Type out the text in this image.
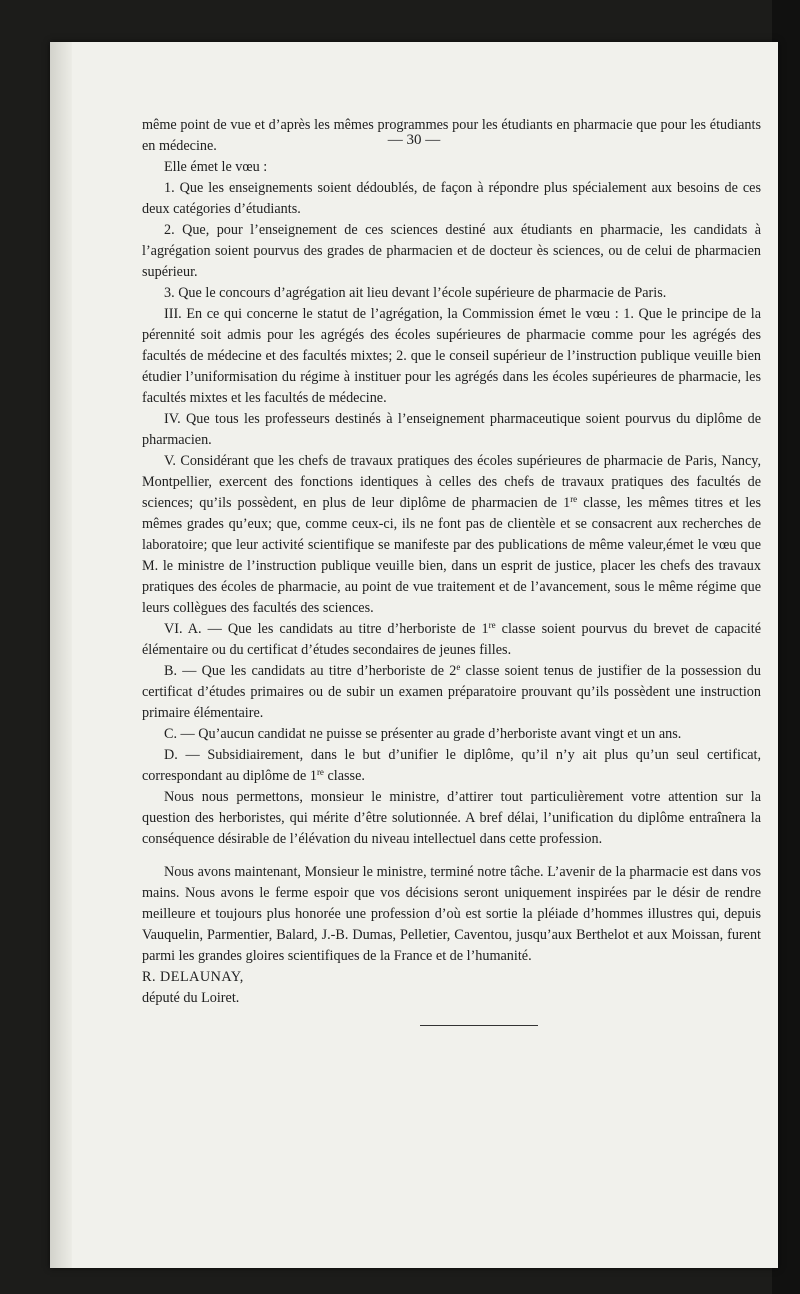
— 30 —

même point de vue et d’après les mêmes programmes pour les étudiants en pharmacie que pour les étudiants en médecine.

Elle émet le vœu :

1. Que les enseignements soient dédoublés, de façon à répondre plus spécialement aux besoins de ces deux catégories d’étudiants.

2. Que, pour l’enseignement de ces sciences destiné aux étudiants en pharmacie, les candidats à l’agrégation soient pourvus des grades de pharmacien et de docteur ès sciences, ou de celui de pharmacien supérieur.

3. Que le concours d’agrégation ait lieu devant l’école supérieure de pharmacie de Paris.

III. En ce qui concerne le statut de l’agrégation, la Commission émet le vœu : 1. Que le principe de la pérennité soit admis pour les agrégés des écoles supérieures de pharmacie comme pour les agrégés des facultés de médecine et des facultés mixtes; 2. que le conseil supérieur de l’instruction publique veuille bien étudier l’uniformisation du régime à instituer pour les agrégés dans les écoles supérieures de pharmacie, les facultés mixtes et les facultés de médecine.

IV. Que tous les professeurs destinés à l’enseignement pharmaceutique soient pourvus du diplôme de pharmacien.

V. Considérant que les chefs de travaux pratiques des écoles supérieures de pharmacie de Paris, Nancy, Montpellier, exercent des fonctions identiques à celles des chefs de travaux pratiques des facultés de sciences; qu’ils possèdent, en plus de leur diplôme de pharmacien de 1re classe, les mêmes titres et les mêmes grades qu’eux; que, comme ceux-ci, ils ne font pas de clientèle et se consacrent aux recherches de laboratoire; que leur activité scientifique se manifeste par des publications de même valeur,émet le vœu que M. le ministre de l’instruction publique veuille bien, dans un esprit de justice, placer les chefs des travaux pratiques des écoles de pharmacie, au point de vue traitement et de l’avancement, sous le même régime que leurs collègues des facultés des sciences.

VI. A. — Que les candidats au titre d’herboriste de 1re classe soient pourvus du brevet de capacité élémentaire ou du certificat d’études secondaires de jeunes filles.

B. — Que les candidats au titre d’herboriste de 2e classe soient tenus de justifier de la possession du certificat d’études primaires ou de subir un examen préparatoire prouvant qu’ils possèdent une instruction primaire élémentaire.

C. — Qu’aucun candidat ne puisse se présenter au grade d’herboriste avant vingt et un ans.

D. — Subsidiairement, dans le but d’unifier le diplôme, qu’il n’y ait plus qu’un seul certificat, correspondant au diplôme de 1re classe.

Nous nous permettons, monsieur le ministre, d’attirer tout particulièrement votre attention sur la question des herboristes, qui mérite d’être solutionnée. A bref délai, l’unification du diplôme entraînera la conséquence désirable de l’élévation du niveau intellectuel dans cette profession.

Nous avons maintenant, Monsieur le ministre, terminé notre tâche. L’avenir de la pharmacie est dans vos mains. Nous avons le ferme espoir que vos décisions seront uniquement inspirées par le désir de rendre meilleure et toujours plus honorée une profession d’où est sortie la pléiade d’hommes illustres qui, depuis Vauquelin, Parmentier, Balard, J.-B. Dumas, Pelletier, Caventou, jusqu’aux Berthelot et aux Moissan, furent parmi les grandes gloires scientifiques de la France et de l’humanité.

R. DELAUNAY,

député du Loiret.
